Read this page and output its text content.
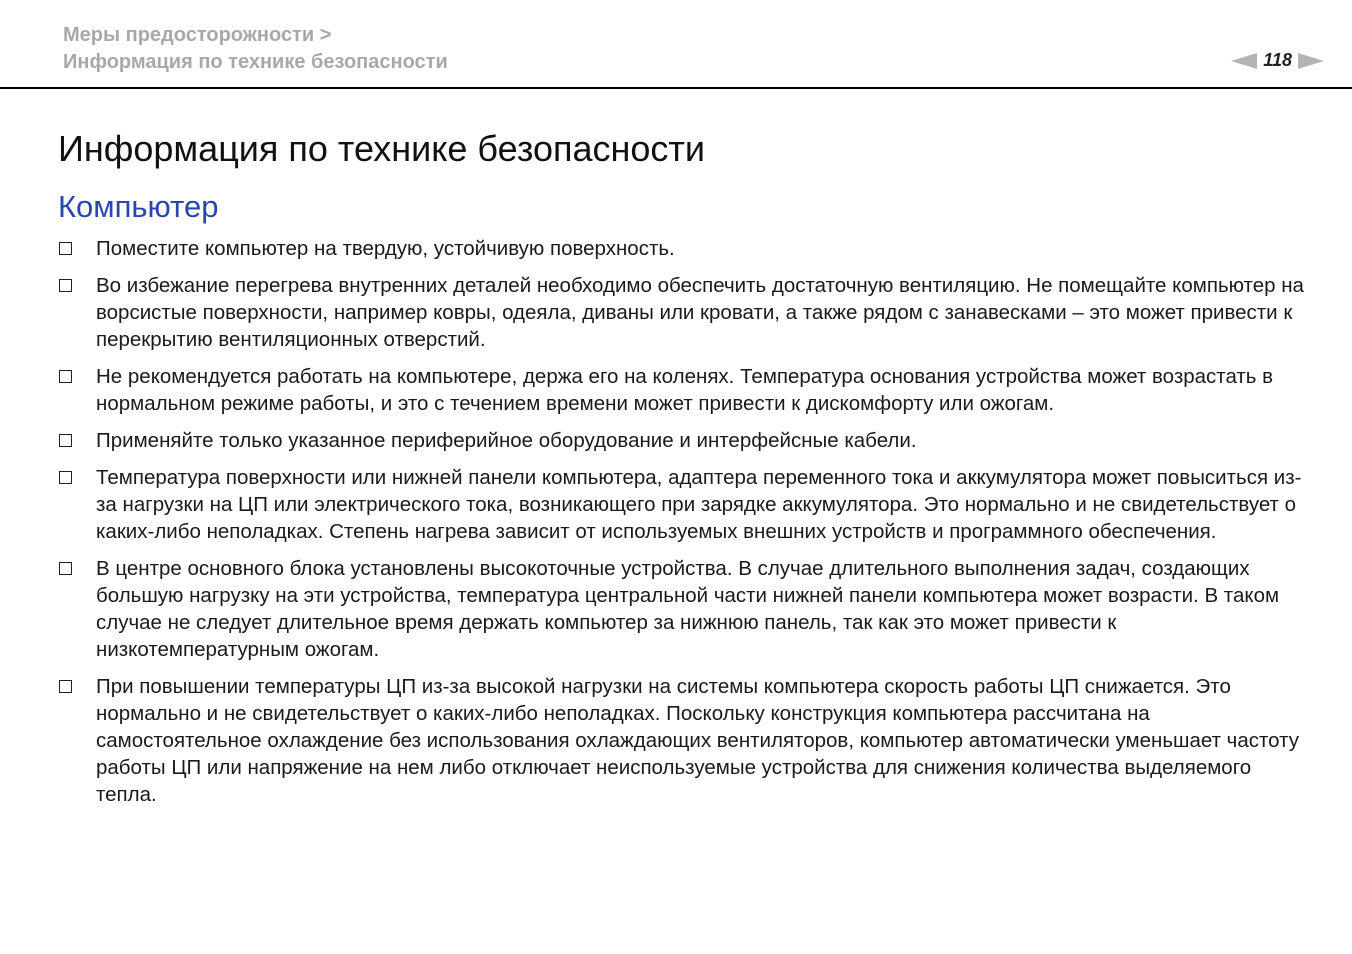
Меры предосторожности >
Информация по технике безопасности	118
Информация по технике безопасности
Компьютер
Поместите компьютер на твердую, устойчивую поверхность.
Во избежание перегрева внутренних деталей необходимо обеспечить достаточную вентиляцию. Не помещайте компьютер на ворсистые поверхности, например ковры, одеяла, диваны или кровати, а также рядом с занавесками – это может привести к перекрытию вентиляционных отверстий.
Не рекомендуется работать на компьютере, держа его на коленях. Температура основания устройства может возрастать в нормальном режиме работы, и это с течением времени может привести к дискомфорту или ожогам.
Применяйте только указанное периферийное оборудование и интерфейсные кабели.
Температура поверхности или нижней панели компьютера, адаптера переменного тока и аккумулятора может повыситься из-за нагрузки на ЦП или электрического тока, возникающего при зарядке аккумулятора. Это нормально и не свидетельствует о каких-либо неполадках. Степень нагрева зависит от используемых внешних устройств и программного обеспечения.
В центре основного блока установлены высокоточные устройства. В случае длительного выполнения задач, создающих большую нагрузку на эти устройства, температура центральной части нижней панели компьютера может возрасти. В таком случае не следует длительное время держать компьютер за нижнюю панель, так как это может привести к низкотемпературным ожогам.
При повышении температуры ЦП из-за высокой нагрузки на системы компьютера скорость работы ЦП снижается. Это нормально и не свидетельствует о каких-либо неполадках. Поскольку конструкция компьютера рассчитана на самостоятельное охлаждение без использования охлаждающих вентиляторов, компьютер автоматически уменьшает частоту работы ЦП или напряжение на нем либо отключает неиспользуемые устройства для снижения количества выделяемого тепла.
